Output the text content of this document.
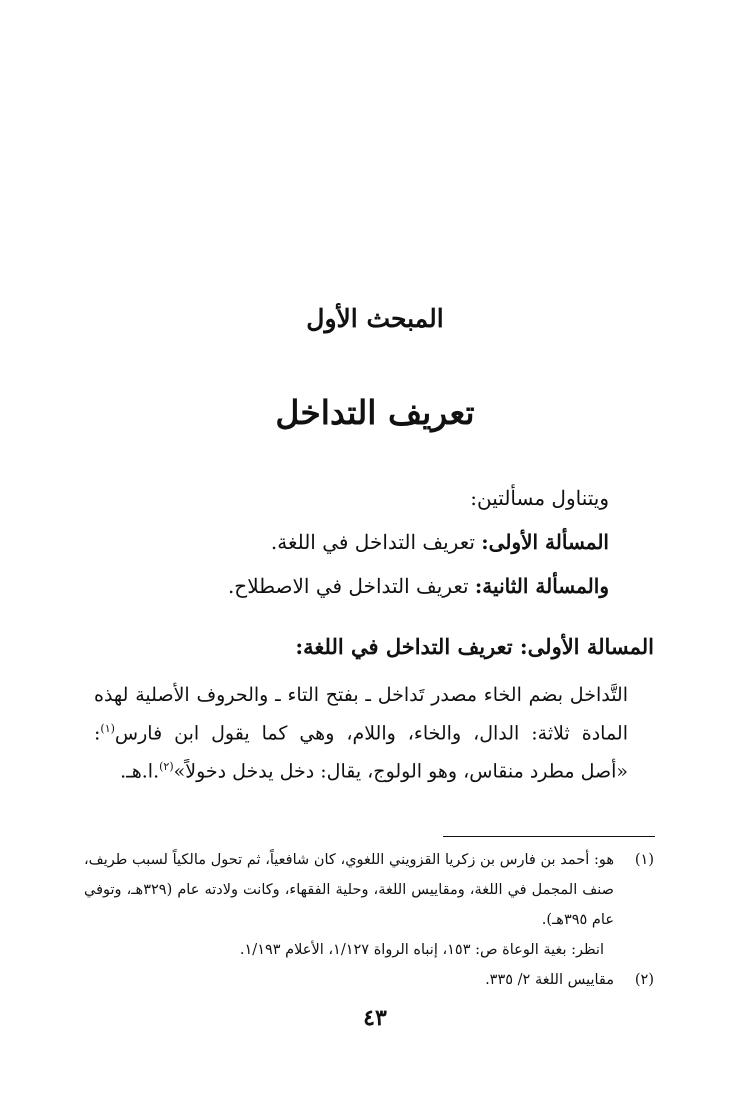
المبحث الأول
تعريف التداخل
ويتناول مسألتين:
المسألة الأولى: تعريف التداخل في اللغة.
والمسألة الثانية: تعريف التداخل في الاصطلاح.
المسالة الأولى: تعريف التداخل في اللغة:
التَّداخل بضم الخاء مصدر تَداخل ـ بفتح التاء ـ والحروف الأصلية لهذه المادة ثلاثة: الدال، والخاء، واللام، وهي كما يقول ابن فارس$^{(١)}$: «أصل مطرد منقاس، وهو الولوج، يقال: دخل يدخل دخولاً»$^{(٢)}$.ا.هـ.
(١)
هو: أحمد بن فارس بن زكريا القزويني اللغوي، كان شافعياً، ثم تحول مالكياً لسبب طريف، صنف المجمل في اللغة، ومقاييس اللغة، وحلية الفقهاء، وكانت ولادته عام (٣٢٩هـ، وتوفي عام ٣٩٥هـ).
انظر: بغية الوعاة ص: ١٥٣، إنباه الرواة ١/١٢٧، الأعلام ١/١٩٣.
(٢)
مقاييس اللغة ٢/ ٣٣٥.
٤٣
